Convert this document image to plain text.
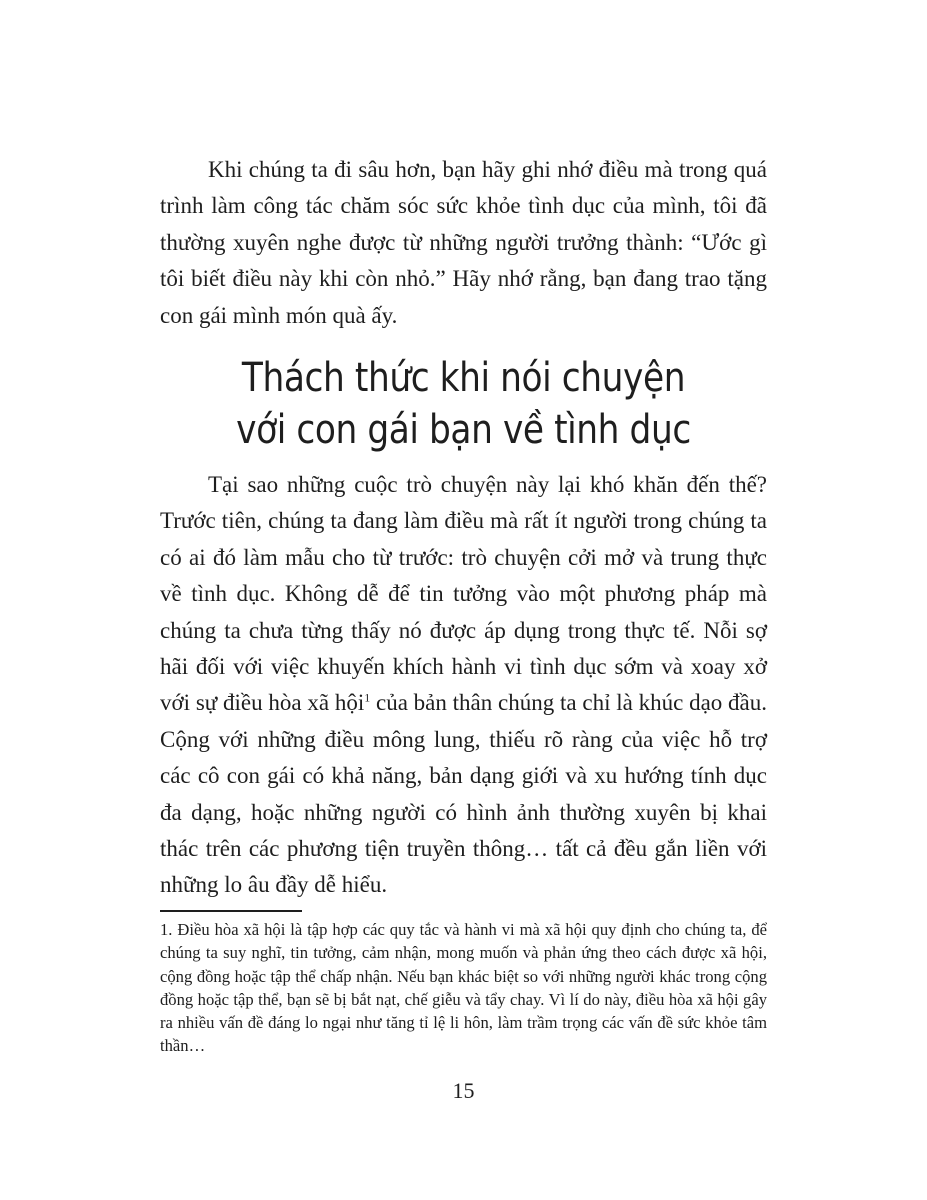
Khi chúng ta đi sâu hơn, bạn hãy ghi nhớ điều mà trong quá trình làm công tác chăm sóc sức khỏe tình dục của mình, tôi đã thường xuyên nghe được từ những người trưởng thành: “Ước gì tôi biết điều này khi còn nhỏ.” Hãy nhớ rằng, bạn đang trao tặng con gái mình món quà ấy.

Thách thức khi nói chuyện
với con gái bạn về tình dục

Tại sao những cuộc trò chuyện này lại khó khăn đến thế? Trước tiên, chúng ta đang làm điều mà rất ít người trong chúng ta có ai đó làm mẫu cho từ trước: trò chuyện cởi mở và trung thực về tình dục. Không dễ để tin tưởng vào một phương pháp mà chúng ta chưa từng thấy nó được áp dụng trong thực tế. Nỗi sợ hãi đối với việc khuyến khích hành vi tình dục sớm và xoay xở với sự điều hòa xã hội$^1$ của bản thân chúng ta chỉ là khúc dạo đầu. Cộng với những điều mông lung, thiếu rõ ràng của việc hỗ trợ các cô con gái có khả năng, bản dạng giới và xu hướng tính dục đa dạng, hoặc những người có hình ảnh thường xuyên bị khai thác trên các phương tiện truyền thông… tất cả đều gắn liền với những lo âu đầy dễ hiểu.

1. Điều hòa xã hội là tập hợp các quy tắc và hành vi mà xã hội quy định cho chúng ta, để chúng ta suy nghĩ, tin tưởng, cảm nhận, mong muốn và phản ứng theo cách được xã hội, cộng đồng hoặc tập thể chấp nhận. Nếu bạn khác biệt so với những người khác trong cộng đồng hoặc tập thể, bạn sẽ bị bắt nạt, chế giễu và tẩy chay. Vì lí do này, điều hòa xã hội gây ra nhiều vấn đề đáng lo ngại như tăng tỉ lệ li hôn, làm trầm trọng các vấn đề sức khỏe tâm thần…

15
